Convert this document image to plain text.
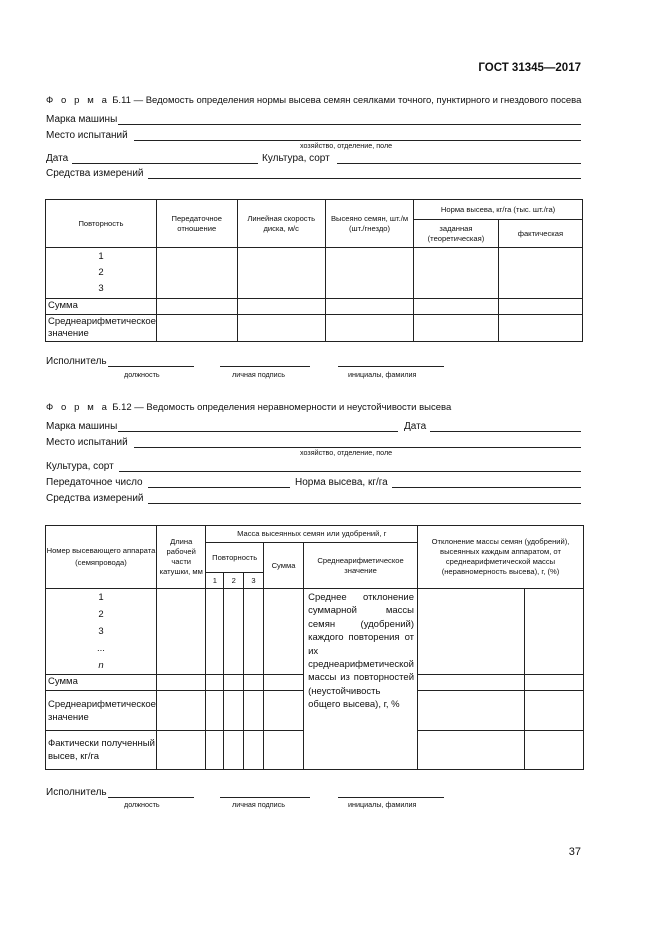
ГОСТ 31345—2017
Ф о р м а Б.11 — Ведомость определения нормы высева семян сеялками точного, пунктирного и гнездового посева
Марка машины
Место испытаний
хозяйство, отделение, поле
Дата	Культура, сорт
Средства измерений
Повторность	Передаточное отношение	Линейная скорость диска, м/с	Высеяно семян, шт./м (шт./гнездо)	Норма высева, кг/га (тыс. шт./га)	
				заданная (теоретическая)	фактическая

1
2
3					

Сумма					
Среднеарифметическое значение					
Исполнитель
должность	личная подпись	инициалы, фамилия
Ф о р м а Б.12 — Ведомость определения неравномерности и неустойчивости высева
Марка машины	Дата
Место испытаний
хозяйство, отделение, поле
Культура, сорт
Передаточное число	Норма высева, кг/га
Средства измерений
Номер высевающего аппарата (семяпровода)	Длина рабочей части катушки, мм	Масса высеянных семян или удобрений, г					Отклонение массы семян (удобрений), высеянных каждым аппаратом, от среднеарифметической массы (неравномерность высева), г, (%)	
		Повторность			Сумма	Среднеарифметическое значение		
		1	2	3				

1
2
3
...
n						Среднее отклонение суммарной массы семян (удобрений) каждого повторения от их среднеарифметической массы из повторностей (неустойчивость общего высева), г, %		
Сумма								
Среднеарифметическое значение								
Фактически полученный высев, кг/га								
Исполнитель
должность	личная подпись	инициалы, фамилия
37
